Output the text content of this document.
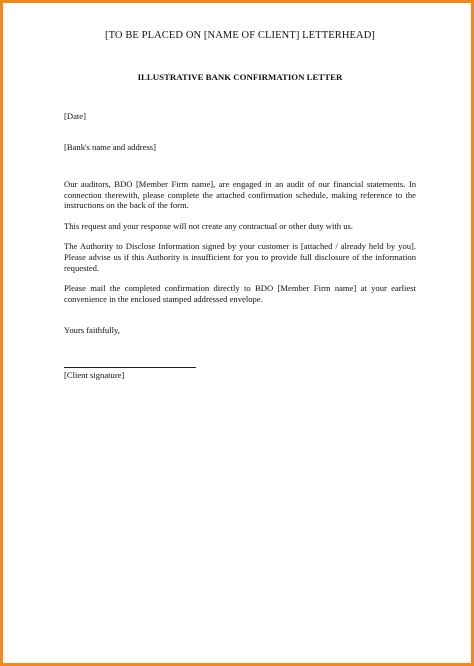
[TO BE PLACED ON [NAME OF CLIENT] LETTERHEAD]

ILLUSTRATIVE BANK CONFIRMATION LETTER

[Date]

[Bank's name and address]

Our auditors, BDO [Member Firm name], are engaged in an audit of our financial statements. In connection therewith, please complete the attached confirmation schedule, making reference to the instructions on the back of the form.

This request and your response will not create any contractual or other duty with us.

The Authority to Disclose Information signed by your customer is [attached / already held by you]. Please advise us if this Authority is insufficient for you to provide full disclosure of the information requested.

Please mail the completed confirmation directly to BDO [Member Firm name] at your earliest convenience in the enclosed stamped addressed envelope.

Yours faithfully,

[Client signature]
